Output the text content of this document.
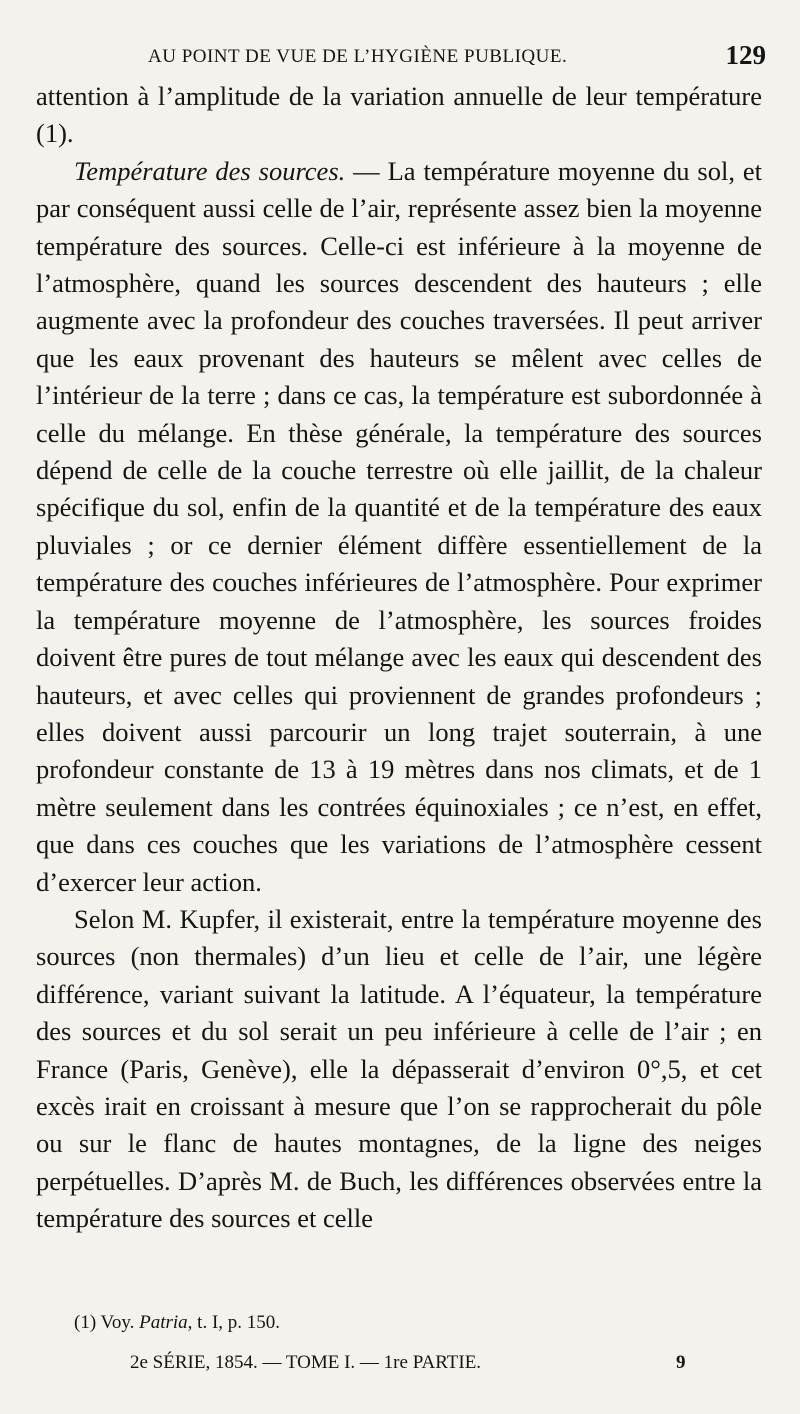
AU POINT DE VUE DE L’HYGIÈNE PUBLIQUE.	129

attention à l’amplitude de la variation annuelle de leur température (1).

Température des sources. — La température moyenne du sol, et par conséquent aussi celle de l’air, représente assez bien la moyenne température des sources. Celle-ci est inférieure à la moyenne de l’atmosphère, quand les sources descendent des hauteurs ; elle augmente avec la profondeur des couches traversées. Il peut arriver que les eaux provenant des hauteurs se mêlent avec celles de l’intérieur de la terre ; dans ce cas, la température est subordonnée à celle du mélange. En thèse générale, la température des sources dépend de celle de la couche terrestre où elle jaillit, de la chaleur spécifique du sol, enfin de la quantité et de la température des eaux pluviales ; or ce dernier élément diffère essentiellement de la température des couches inférieures de l’atmosphère. Pour exprimer la température moyenne de l’atmosphère, les sources froides doivent être pures de tout mélange avec les eaux qui descendent des hauteurs, et avec celles qui proviennent de grandes profondeurs ; elles doivent aussi parcourir un long trajet souterrain, à une profondeur constante de 13 à 19 mètres dans nos climats, et de 1 mètre seulement dans les contrées équinoxiales ; ce n’est, en effet, que dans ces couches que les variations de l’atmosphère cessent d’exercer leur action.

Selon M. Kupfer, il existerait, entre la température moyenne des sources (non thermales) d’un lieu et celle de l’air, une légère différence, variant suivant la latitude. A l’équateur, la température des sources et du sol serait un peu inférieure à celle de l’air ; en France (Paris, Genève), elle la dépasserait d’environ 0°,5, et cet excès irait en croissant à mesure que l’on se rapprocherait du pôle ou sur le flanc de hautes montagnes, de la ligne des neiges perpétuelles. D’après M. de Buch, les différences observées entre la température des sources et celle

(1) Voy. Patria, t. I, p. 150.
2e SÉRIE, 1854. — TOME I. — 1re PARTIE.	9
